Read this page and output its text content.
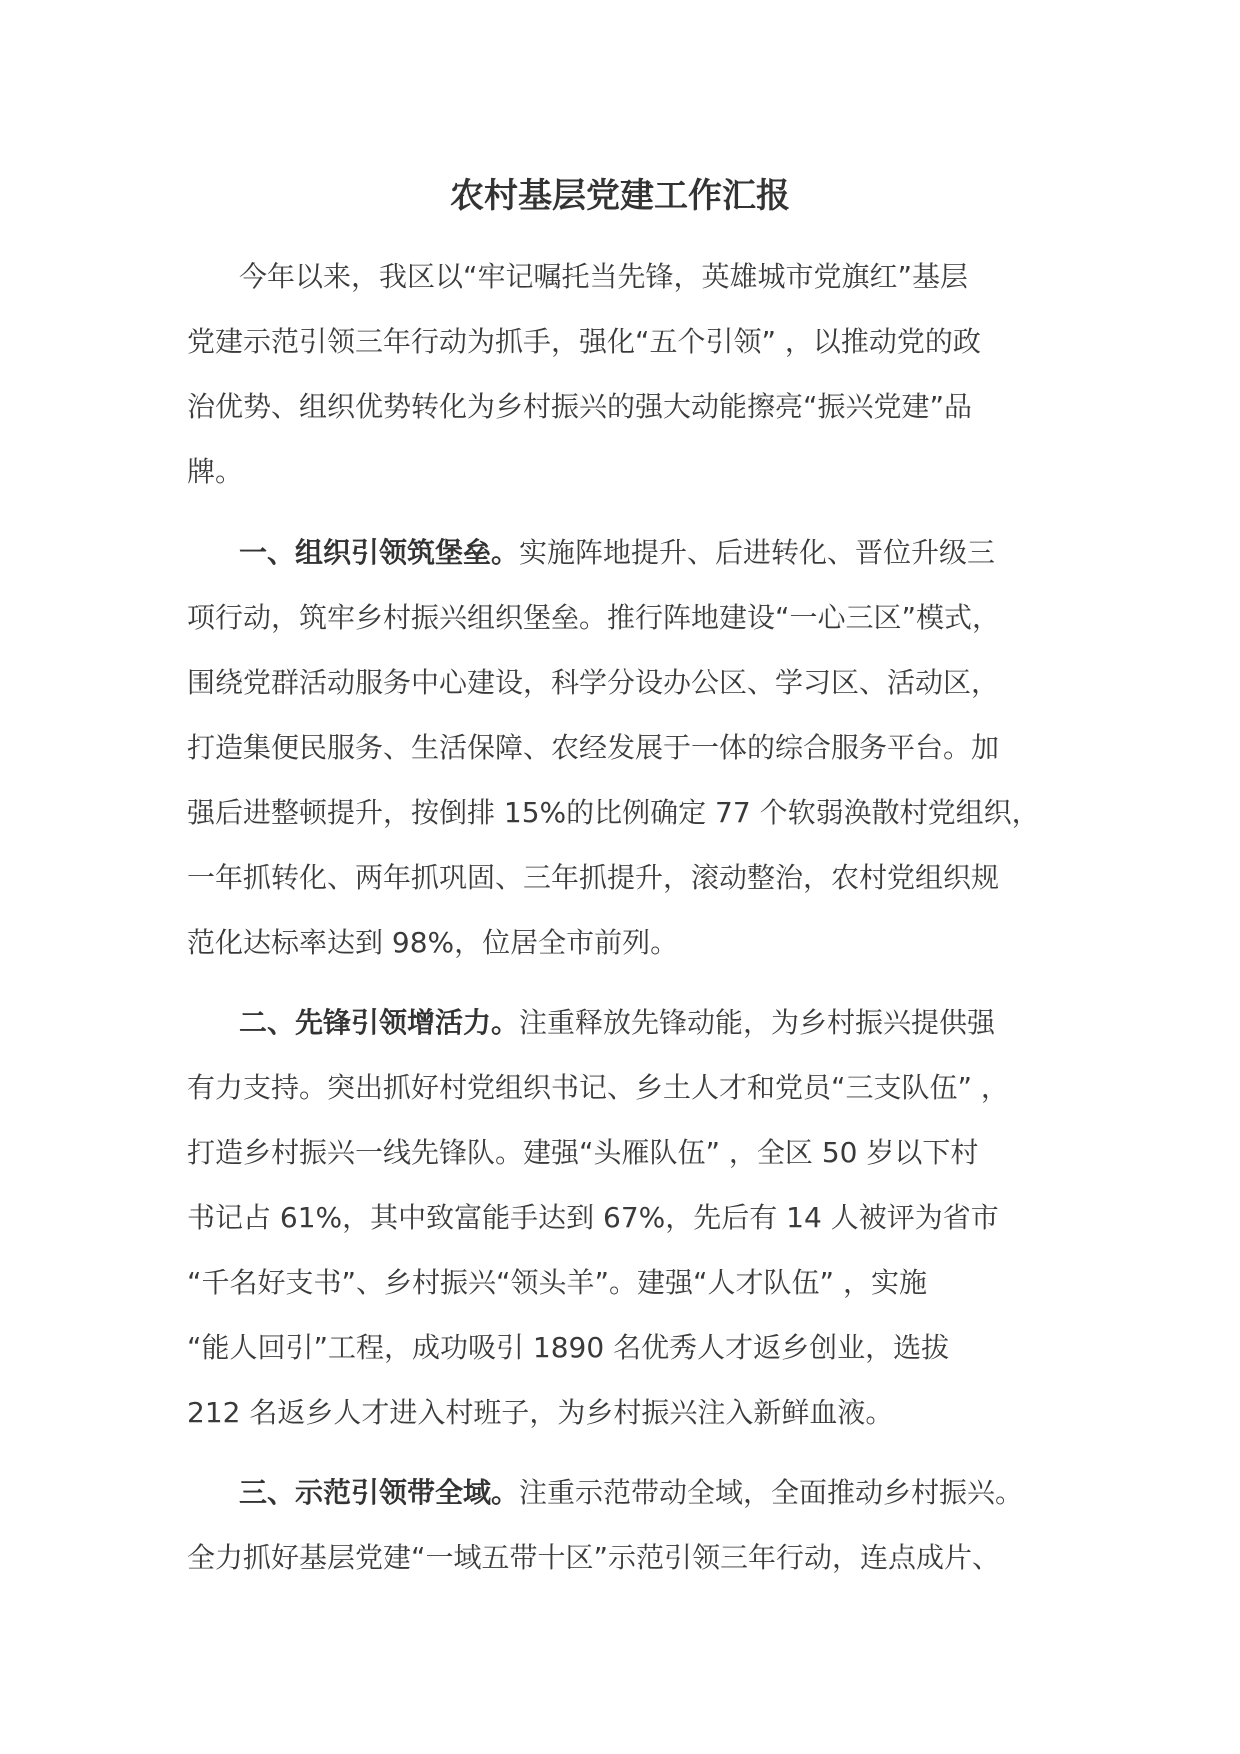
农村基层党建工作汇报
今年以来，我区以“牢记嘱托当先锋，英雄城市党旗红”基层
党建示范引领三年行动为抓手，强化“五个引领” ，以推动党的政
治优势、组织优势转化为乡村振兴的强大动能擦亮“振兴党建”品
牌。
一、组织引领筑堡垒。实施阵地提升、后进转化、晋位升级三
项行动，筑牢乡村振兴组织堡垒。推行阵地建设“一心三区”模式，
围绕党群活动服务中心建设，科学分设办公区、学习区、活动区，
打造集便民服务、生活保障、农经发展于一体的综合服务平台。加
强后进整顿提升，按倒排 15%的比例确定 77 个软弱涣散村党组织，
一年抓转化、两年抓巩固、三年抓提升，滚动整治，农村党组织规
范化达标率达到 98%，位居全市前列。
二、先锋引领增活力。注重释放先锋动能，为乡村振兴提供强
有力支持。突出抓好村党组织书记、乡土人才和党员“三支队伍” ，
打造乡村振兴一线先锋队。建强“头雁队伍” ，全区 50 岁以下村
书记占 61%，其中致富能手达到 67%，先后有 14 人被评为省市
“千名好支书”、乡村振兴“领头羊”。建强“人才队伍” ，实施
“能人回引”工程，成功吸引 1890 名优秀人才返乡创业，选拔
212 名返乡人才进入村班子，为乡村振兴注入新鲜血液。
三、示范引领带全域。注重示范带动全域，全面推动乡村振兴。
全力抓好基层党建“一域五带十区”示范引领三年行动，连点成片、
